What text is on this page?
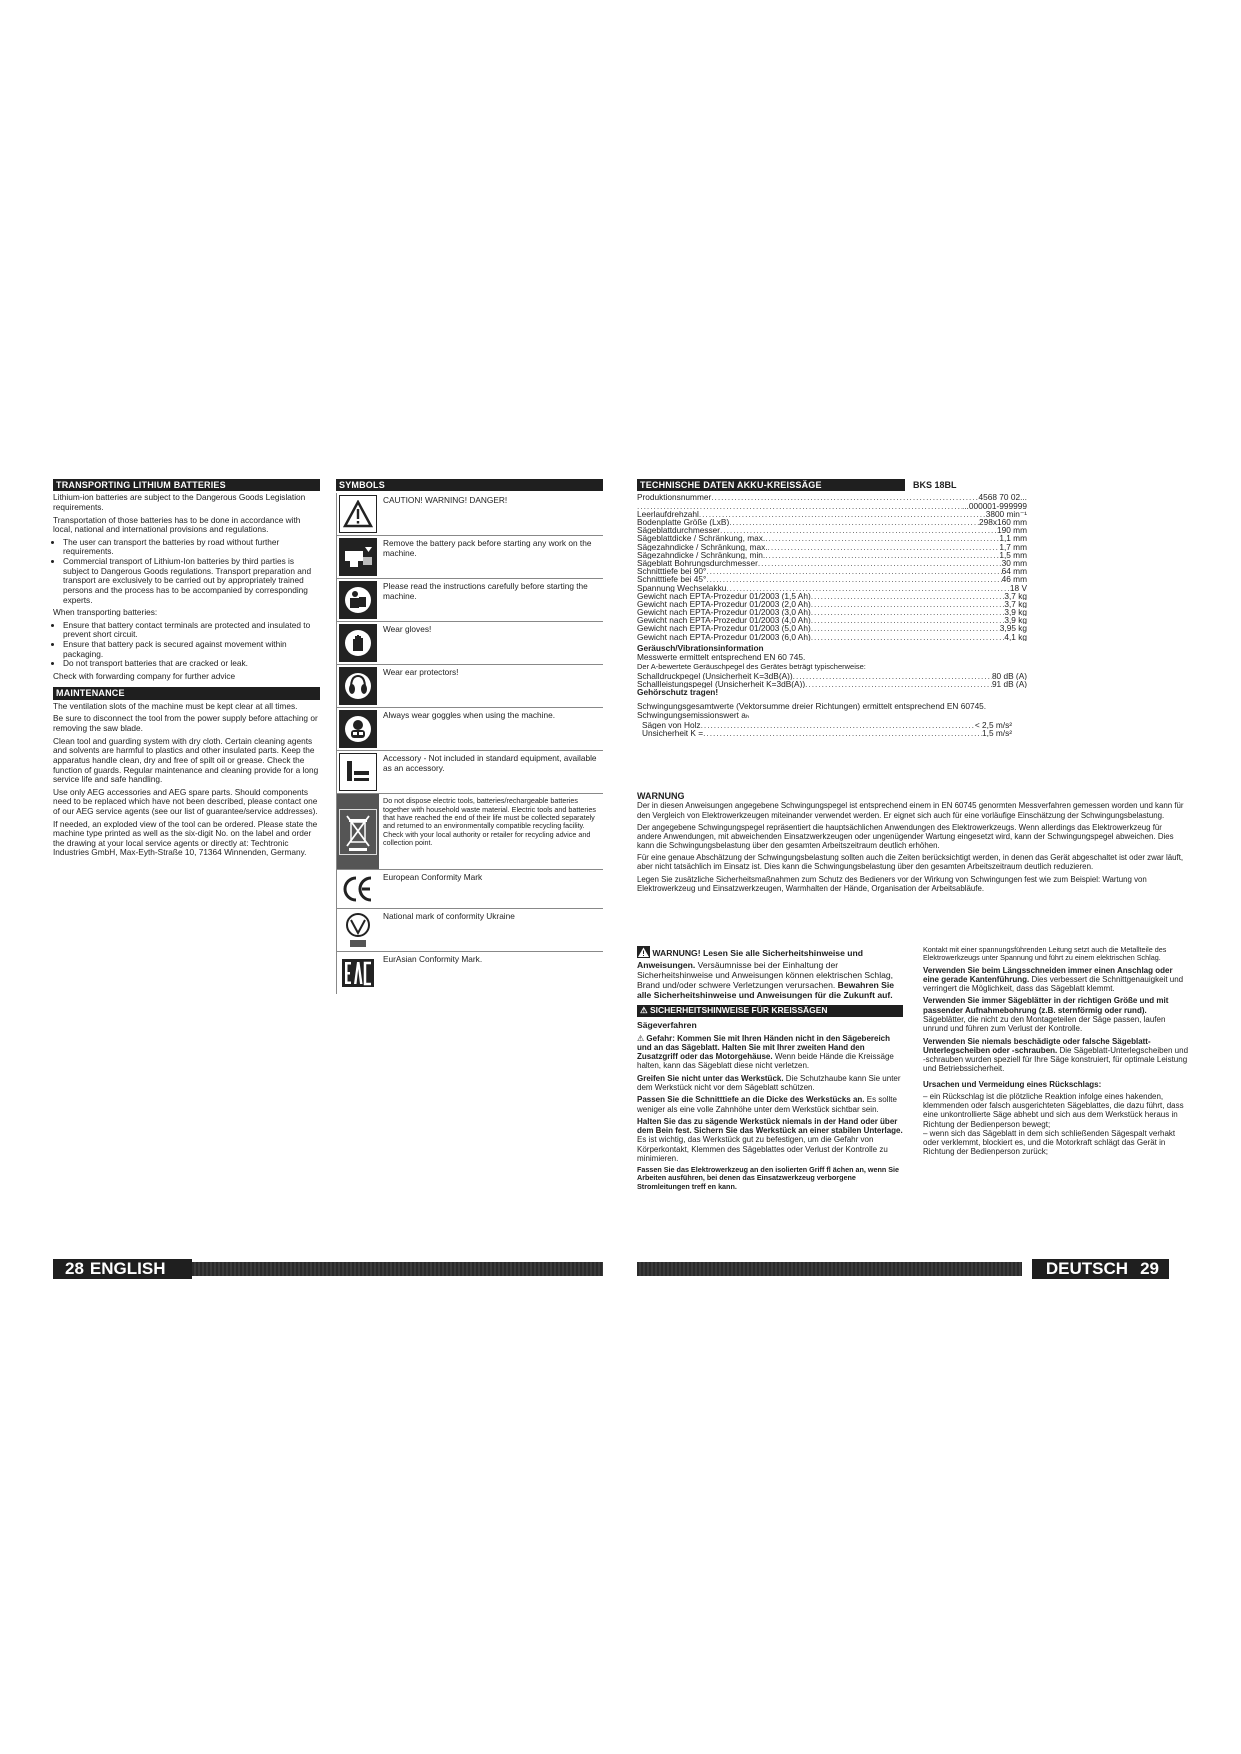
TRANSPORTING LITHIUM BATTERIES

Lithium-ion batteries are subject to the Dangerous Goods Legislation requirements.

Transportation of those batteries has to be done in accordance with local, national and international provisions and regulations.

• The user can transport the batteries by road without further requirements.
• Commercial transport of Lithium-Ion batteries by third parties is subject to Dangerous Goods regulations. Transport preparation and transport are exclusively to be carried out by appropriately trained persons and the process has to be accompanied by corresponding experts.

When transporting batteries:

• Ensure that battery contact terminals are protected and insulated to prevent short circuit.
• Ensure that battery pack is secured against movement within packaging.
• Do not transport batteries that are cracked or leak.

Check with forwarding company for further advice

MAINTENANCE

The ventilation slots of the machine must be kept clear at all times.

Be sure to disconnect the tool from the power supply before attaching or removing the saw blade.

Clean tool and guarding system with dry cloth. Certain cleaning agents and solvents are harmful to plastics and other insulated parts. Keep the apparatus handle clean, dry and free of spilt oil or grease. Check the function of guards. Regular maintenance and cleaning provide for a long service life and safe handling.

Use only AEG accessories and AEG spare parts. Should components need to be replaced which have not been described, please contact one of our AEG service agents (see our list of guarantee/service addresses).

If needed, an exploded view of the tool can be ordered. Please state the machine type printed as well as the six-digit No. on the label and order the drawing at your local service agents or directly at: Techtronic Industries GmbH, Max-Eyth-Straße 10, 71364 Winnenden, Germany.

SYMBOLS
CAUTION! WARNING! DANGER!
Remove the battery pack before starting any work on the machine.
Please read the instructions carefully before starting the machine.
Wear gloves!
Wear ear protectors!
Always wear goggles when using the machine.
Accessory - Not included in standard equipment, available as an accessory.
Do not dispose electric tools, batteries/rechargeable batteries together with household waste material. Electric tools and batteries that have reached the end of their life must be collected separately and returned to an environmentally compatible recycling facility. Check with your local authority or retailer for recycling advice and collection point.
European Conformity Mark
National mark of conformity Ukraine
EurAsian Conformity Mark.
TECHNISCHE DATEN AKKU-KREISSÄGE	BKS 18BL
Produktionsnummer .....	4568 70 02...
.....
...000001-999999
Leerlaufdrehzahl .....	3800 min⁻¹
Bodenplatte Größe (LxB) .....	298x160 mm
Sägeblattdurchmesser .....	190 mm
Sägeblattdicke / Schränkung, max. .....	1,1 mm
Sägezahndicke / Schränkung, max. .....	1,7 mm
Sägezahndicke / Schränkung, min. .....	1,5 mm
Sägeblatt Bohrungsdurchmesser .....	30 mm
Schnitttiefe bei 90° .....	64 mm
Schnitttiefe bei 45° .....	46 mm
Spannung Wechselakku .....	18 V
Gewicht nach EPTA-Prozedur 01/2003 (1,5 Ah) .....	3,7 kg
Gewicht nach EPTA-Prozedur 01/2003 (2,0 Ah) .....	3,7 kg
Gewicht nach EPTA-Prozedur 01/2003 (3,0 Ah) .....	3,9 kg
Gewicht nach EPTA-Prozedur 01/2003 (4,0 Ah) .....	3,9 kg
Gewicht nach EPTA-Prozedur 01/2003 (5,0 Ah) .....	3,95 kg
Gewicht nach EPTA-Prozedur 01/2003 (6,0 Ah) .....	4,1 kg
Geräusch/Vibrationsinformation
Messwerte ermittelt entsprechend EN 60 745.
Der A-bewertete Geräuschpegel des Gerätes beträgt typischerweise:
Schalldruckpegel (Unsicherheit K=3dB(A)) .....	80 dB (A)
Schallleistungspegel (Unsicherheit K=3dB(A)) .....	91 dB (A)
Gehörschutz tragen!
Schwingungsgesamtwerte (Vektorsumme dreier Richtungen) ermittelt entsprechend EN 60745.
Schwingungsemissionswert aₕ
Sägen von Holz .....	< 2,5 m/s²
Unsicherheit K = .....	1,5 m/s²
WARNUNG

Der in diesen Anweisungen angegebene Schwingungspegel ist entsprechend einem in EN 60745 genormten Messverfahren gemessen worden und kann für den Vergleich von Elektrowerkzeugen miteinander verwendet werden. Er eignet sich auch für eine vorläufige Einschätzung der Schwingungsbelastung.

Der angegebene Schwingungspegel repräsentiert die hauptsächlichen Anwendungen des Elektrowerkzeugs. Wenn allerdings das Elektrowerkzeug für andere Anwendungen, mit abweichenden Einsatzwerkzeugen oder ungenügender Wartung eingesetzt wird, kann der Schwingungspegel abweichen. Dies kann die Schwingungsbelastung über den gesamten Arbeitszeitraum deutlich erhöhen.

Für eine genaue Abschätzung der Schwingungsbelastung sollten auch die Zeiten berücksichtigt werden, in denen das Gerät abgeschaltet ist oder zwar läuft, aber nicht tatsächlich im Einsatz ist. Dies kann die Schwingungsbelastung über den gesamten Arbeitszeitraum deutlich reduzieren.

Legen Sie zusätzliche Sicherheitsmaßnahmen zum Schutz des Bedieners vor der Wirkung von Schwingungen fest wie zum Beispiel: Wartung von Elektrowerkzeug und Einsatzwerkzeugen, Warmhalten der Hände, Organisation der Arbeitsabläufe.

WARNUNG! Lesen Sie alle Sicherheitshinweise und Anweisungen. Versäumnisse bei der Einhaltung der Sicherheitshinweise und Anweisungen können elektrischen Schlag, Brand und/oder schwere Verletzungen verursachen. Bewahren Sie alle Sicherheitshinweise und Anweisungen für die Zukunft auf.
⚠ SICHERHEITSHINWEISE FÜR KREISSÄGEN
Sägeverfahren

⚠ Gefahr: Kommen Sie mit Ihren Händen nicht in den Sägebereich und an das Sägeblatt. Halten Sie mit Ihrer zweiten Hand den Zusatzgriff oder das Motorgehäuse. Wenn beide Hände die Kreissäge halten, kann das Sägeblatt diese nicht verletzen.

Greifen Sie nicht unter das Werkstück. Die Schutzhaube kann Sie unter dem Werkstück nicht vor dem Sägeblatt schützen.

Passen Sie die Schnitttiefe an die Dicke des Werkstücks an. Es sollte weniger als eine volle Zahnhöhe unter dem Werkstück sichtbar sein.

Halten Sie das zu sägende Werkstück niemals in der Hand oder über dem Bein fest. Sichern Sie das Werkstück an einer stabilen Unterlage. Es ist wichtig, das Werkstück gut zu befestigen, um die Gefahr von Körperkontakt, Klemmen des Sägeblattes oder Verlust der Kontrolle zu minimieren.

Fassen Sie das Elektrowerkzeug an den isolierten Griff fl ächen an, wenn Sie Arbeiten ausführen, bei denen das Einsatzwerkzeug verborgene Stromleitungen treff en kann.

Kontakt mit einer spannungsführenden Leitung setzt auch die Metallteile des Elektrowerkzeugs unter Spannung und führt zu einem elektrischen Schlag.

Verwenden Sie beim Längsschneiden immer einen Anschlag oder eine gerade Kantenführung. Dies verbessert die Schnittgenauigkeit und verringert die Möglichkeit, dass das Sägeblatt klemmt.

Verwenden Sie immer Sägeblätter in der richtigen Größe und mit passender Aufnahmebohrung (z.B. sternförmig oder rund). Sägeblätter, die nicht zu den Montageteilen der Säge passen, laufen unrund und führen zum Verlust der Kontrolle.

Verwenden Sie niemals beschädigte oder falsche Sägeblatt-Unterlegscheiben oder -schrauben. Die Sägeblatt-Unterlegscheiben und -schrauben wurden speziell für Ihre Säge konstruiert, für optimale Leistung und Betriebssicherheit.

Ursachen und Vermeidung eines Rückschlags:

– ein Rückschlag ist die plötzliche Reaktion infolge eines hakenden, klemmenden oder falsch ausgerichteten Sägeblattes, die dazu führt, dass eine unkontrollierte Säge abhebt und sich aus dem Werkstück heraus in Richtung der Bedienperson bewegt;

– wenn sich das Sägeblatt in dem sich schließenden Sägespalt verhakt oder verklemmt, blockiert es, und die Motorkraft schlägt das Gerät in Richtung der Bedienperson zurück;

28 ENGLISH	DEUTSCH 29
